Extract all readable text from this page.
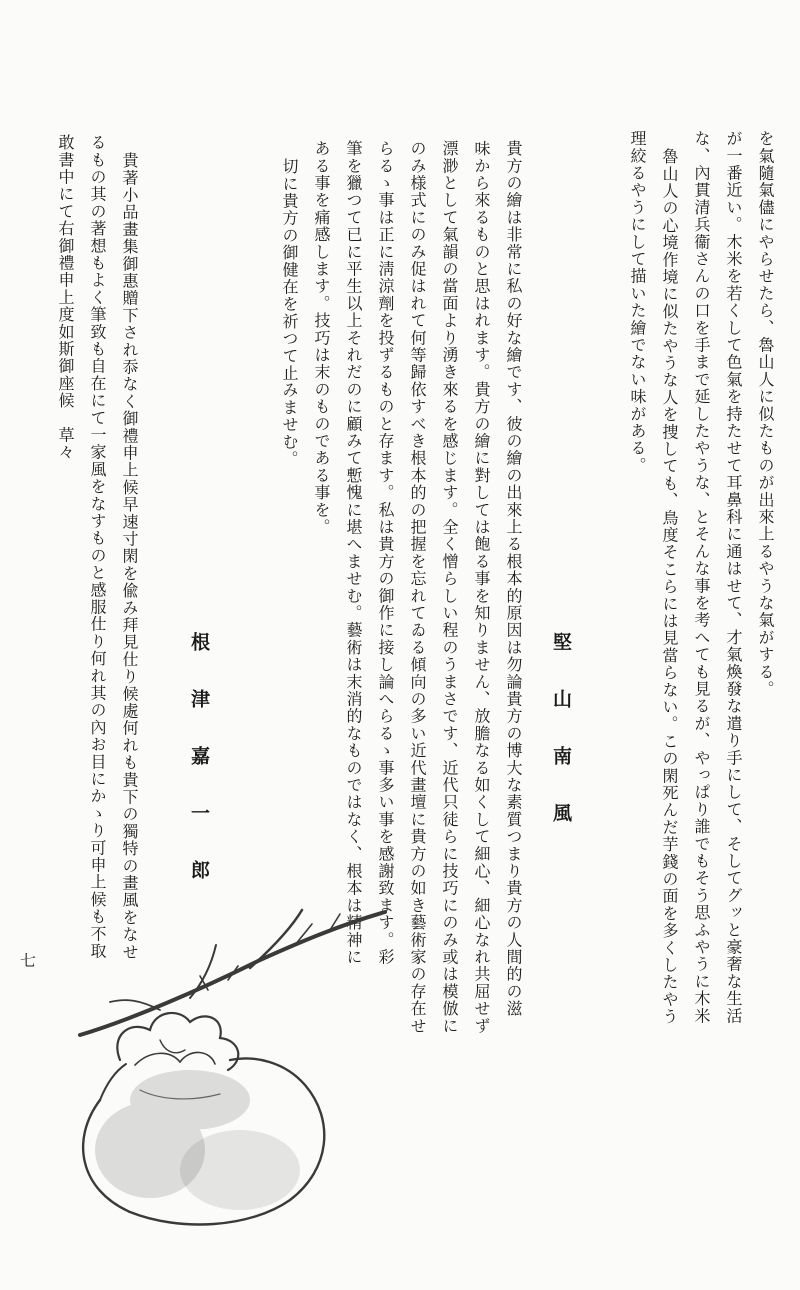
を氣隨氣儘にやらせたら、魯山人に似たものが出來上るやうな氣がする。
が一番近い。木米を若くして色氣を持たせて耳鼻科に通はせて、才氣煥發な遣り手にして、そしてグッと豪奢な生活
な、內貫清兵衞さんの口を手まで延したやうな、とそんな事を考へても見るが、やっぱり誰でもそう思ふやうに木米
魯山人の心境作境に似たやうな人を捜しても、鳥度そこらには見當らない。この閑死んだ芋錢の面を多くしたやう
理絞るやうにして描いた繪でない味がある。
堅山南風
貴方の繪は非常に私の好な繪です、彼の繪の出來上る根本的原因は勿論貴方の博大な素質つまり貴方の人間的の滋
味から來るものと思はれます。貴方の繪に對しては飽る事を知りません、放膽なる如くして細心、細心なれ共屈せず
漂渺として氣韻の當面より湧き來るを感じます。全く憎らしい程のうまさです、近代只徒らに技巧にのみ或は模倣に
のみ様式にのみ促はれて何等歸依すべき根本的の把握を忘れてゐる傾向の多い近代畫壇に貴方の如き藝術家の存在せ
らるゝ事は正に淸涼劑を投ずるものと存ます。私は貴方の御作に接し論へらるゝ事多い事を感謝致ます。彩
筆を獵つて已に平生以上それだのに顧みて慙愧に堪へませむ。藝術は末消的なものではなく、根本は精神に
ある事を痛感します。技巧は末のものである事を。
切に貴方の御健在を祈つて止みませむ。
根津嘉一郎
貴著小品畫集御惠贈下され忝なく御禮申上候早速寸閑を偸み拜見仕り候處何れも貴下の獨特の畫風をなせ
るもの其の著想もよく筆致も自在にて一家風をなすものと感服仕り何れ其の內お目にかゝり可申上候も不取
敢書中にて右御禮申上度如斯御座候　草々
七
